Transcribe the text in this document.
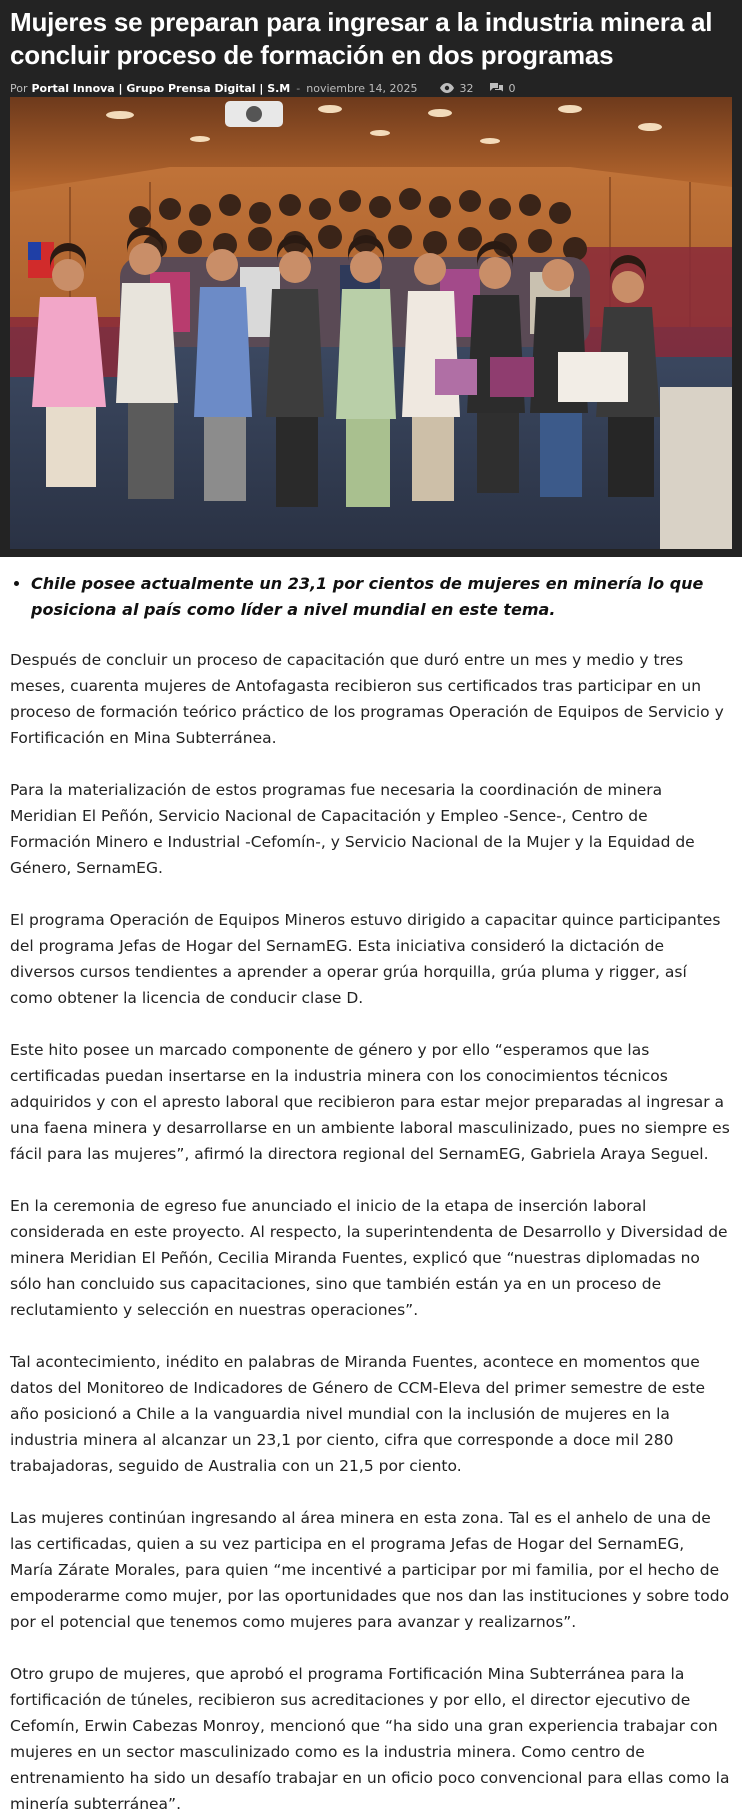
Mujeres se preparan para ingresar a la industria minera al concluir proceso de formación en dos programas
Por Portal Innova | Grupo Prensa Digital | S.M - noviembre 14, 2025	32	0
• Chile posee actualmente un 23,1 por cientos de mujeres en minería lo que posiciona al país como líder a nivel mundial en este tema.

Después de concluir un proceso de capacitación que duró entre un mes y medio y tres meses, cuarenta mujeres de Antofagasta recibieron sus certificados tras participar en un proceso de formación teórico práctico de los programas Operación de Equipos de Servicio y Fortificación en Mina Subterránea.

Para la materialización de estos programas fue necesaria la coordinación de minera Meridian El Peñón, Servicio Nacional de Capacitación y Empleo -Sence-, Centro de Formación Minero e Industrial -Cefomín-, y Servicio Nacional de la Mujer y la Equidad de Género, SernamEG.

El programa Operación de Equipos Mineros estuvo dirigido a capacitar quince participantes del programa Jefas de Hogar del SernamEG. Esta iniciativa consideró la dictación de diversos cursos tendientes a aprender a operar grúa horquilla, grúa pluma y rigger, así como obtener la licencia de conducir clase D.

Este hito posee un marcado componente de género y por ello “esperamos que las certificadas puedan insertarse en la industria minera con los conocimientos técnicos adquiridos y con el apresto laboral que recibieron para estar mejor preparadas al ingresar a una faena minera y desarrollarse en un ambiente laboral masculinizado, pues no siempre es fácil para las mujeres”, afirmó la directora regional del SernamEG, Gabriela Araya Seguel.

En la ceremonia de egreso fue anunciado el inicio de la etapa de inserción laboral considerada en este proyecto. Al respecto, la superintendenta de Desarrollo y Diversidad de minera Meridian El Peñón, Cecilia Miranda Fuentes, explicó que “nuestras diplomadas no sólo han concluido sus capacitaciones, sino que también están ya en un proceso de reclutamiento y selección en nuestras operaciones”.

Tal acontecimiento, inédito en palabras de Miranda Fuentes, acontece en momentos que datos del Monitoreo de Indicadores de Género de CCM-Eleva del primer semestre de este año posicionó a Chile a la vanguardia nivel mundial con la inclusión de mujeres en la industria minera al alcanzar un 23,1 por ciento, cifra que corresponde a doce mil 280 trabajadoras, seguido de Australia con un 21,5 por ciento.

Las mujeres continúan ingresando al área minera en esta zona. Tal es el anhelo de una de las certificadas, quien a su vez participa en el programa Jefas de Hogar del SernamEG, María Zárate Morales, para quien “me incentivé a participar por mi familia, por el hecho de empoderarme como mujer, por las oportunidades que nos dan las instituciones y sobre todo por el potencial que tenemos como mujeres para avanzar y realizarnos”.

Otro grupo de mujeres, que aprobó el programa Fortificación Mina Subterránea para la fortificación de túneles, recibieron sus acreditaciones y por ello, el director ejecutivo de Cefomín, Erwin Cabezas Monroy, mencionó que “ha sido una gran experiencia trabajar con mujeres en un sector masculinizado como es la industria minera. Como centro de entrenamiento ha sido un desafío trabajar en un oficio poco convencional para ellas como la minería subterránea”.
